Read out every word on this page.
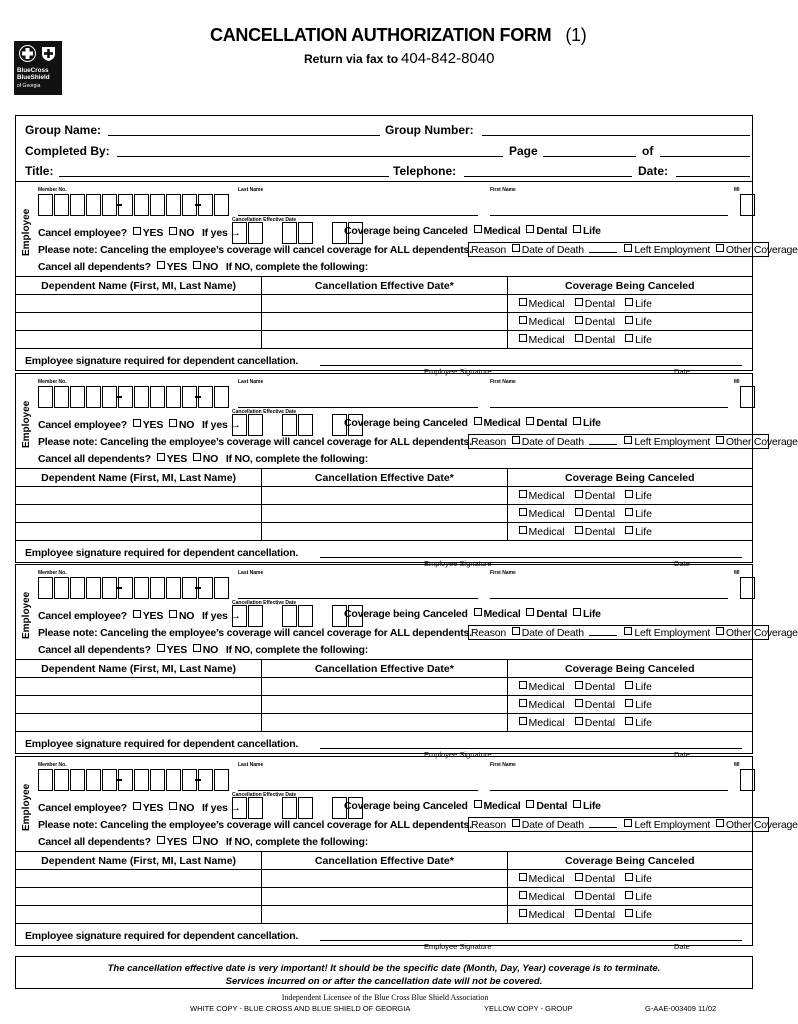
BlueCross
BlueShield
of Georgia
CANCELLATION AUTHORIZATION FORM (1)
Return via fax to 404-842-8040
Group Name:	Group Number:
Completed By:	Page	of
Title:	Telephone:	Date:
Employee
Member No.	Last Name	First Name	MI
Cancellation Effective Date
Cancel employee? YES NO If yes →	Coverage being Canceled Medical Dental Life
Please note: Canceling the employee’s coverage will cancel coverage for ALL dependents. Reason Date of Death	Left Employment Other Coverage
Cancel all dependents? YES NO If NO, complete the following:
Dependent Name (First, MI, Last Name)	Cancellation Effective Date*	Coverage Being Canceled
		Medical Dental Life
		Medical Dental Life
		Medical Dental Life
Employee signature required for dependent cancellation.
Employee Signature	Date
Employee
Member No.	Last Name	First Name	MI
Cancellation Effective Date
Cancel employee? YES NO If yes →	Coverage being Canceled Medical Dental Life
Please note: Canceling the employee’s coverage will cancel coverage for ALL dependents. Reason Date of Death	Left Employment Other Coverage
Cancel all dependents? YES NO If NO, complete the following:
Dependent Name (First, MI, Last Name)	Cancellation Effective Date*	Coverage Being Canceled
		Medical Dental Life
		Medical Dental Life
		Medical Dental Life
Employee signature required for dependent cancellation.
Employee Signature	Date
Employee
Member No.	Last Name	First Name	MI
Cancellation Effective Date
Cancel employee? YES NO If yes →	Coverage being Canceled Medical Dental Life
Please note: Canceling the employee’s coverage will cancel coverage for ALL dependents. Reason Date of Death	Left Employment Other Coverage
Cancel all dependents? YES NO If NO, complete the following:
Dependent Name (First, MI, Last Name)	Cancellation Effective Date*	Coverage Being Canceled
		Medical Dental Life
		Medical Dental Life
		Medical Dental Life
Employee signature required for dependent cancellation.
Employee Signature	Date
Employee
Member No.	Last Name	First Name	MI
Cancellation Effective Date
Cancel employee? YES NO If yes →	Coverage being Canceled Medical Dental Life
Please note: Canceling the employee’s coverage will cancel coverage for ALL dependents. Reason Date of Death	Left Employment Other Coverage
Cancel all dependents? YES NO If NO, complete the following:
Dependent Name (First, MI, Last Name)	Cancellation Effective Date*	Coverage Being Canceled
		Medical Dental Life
		Medical Dental Life
		Medical Dental Life
Employee signature required for dependent cancellation.
Employee Signature	Date
The cancellation effective date is very important! It should be the specific date (Month, Day, Year) coverage is to terminate.
Services incurred on or after the cancellation date will not be covered.
Independent Licensee of the Blue Cross Blue Shield Association
WHITE COPY - BLUE CROSS AND BLUE SHIELD OF GEORGIA	YELLOW COPY - GROUP	G-AAE-003409 11/02
